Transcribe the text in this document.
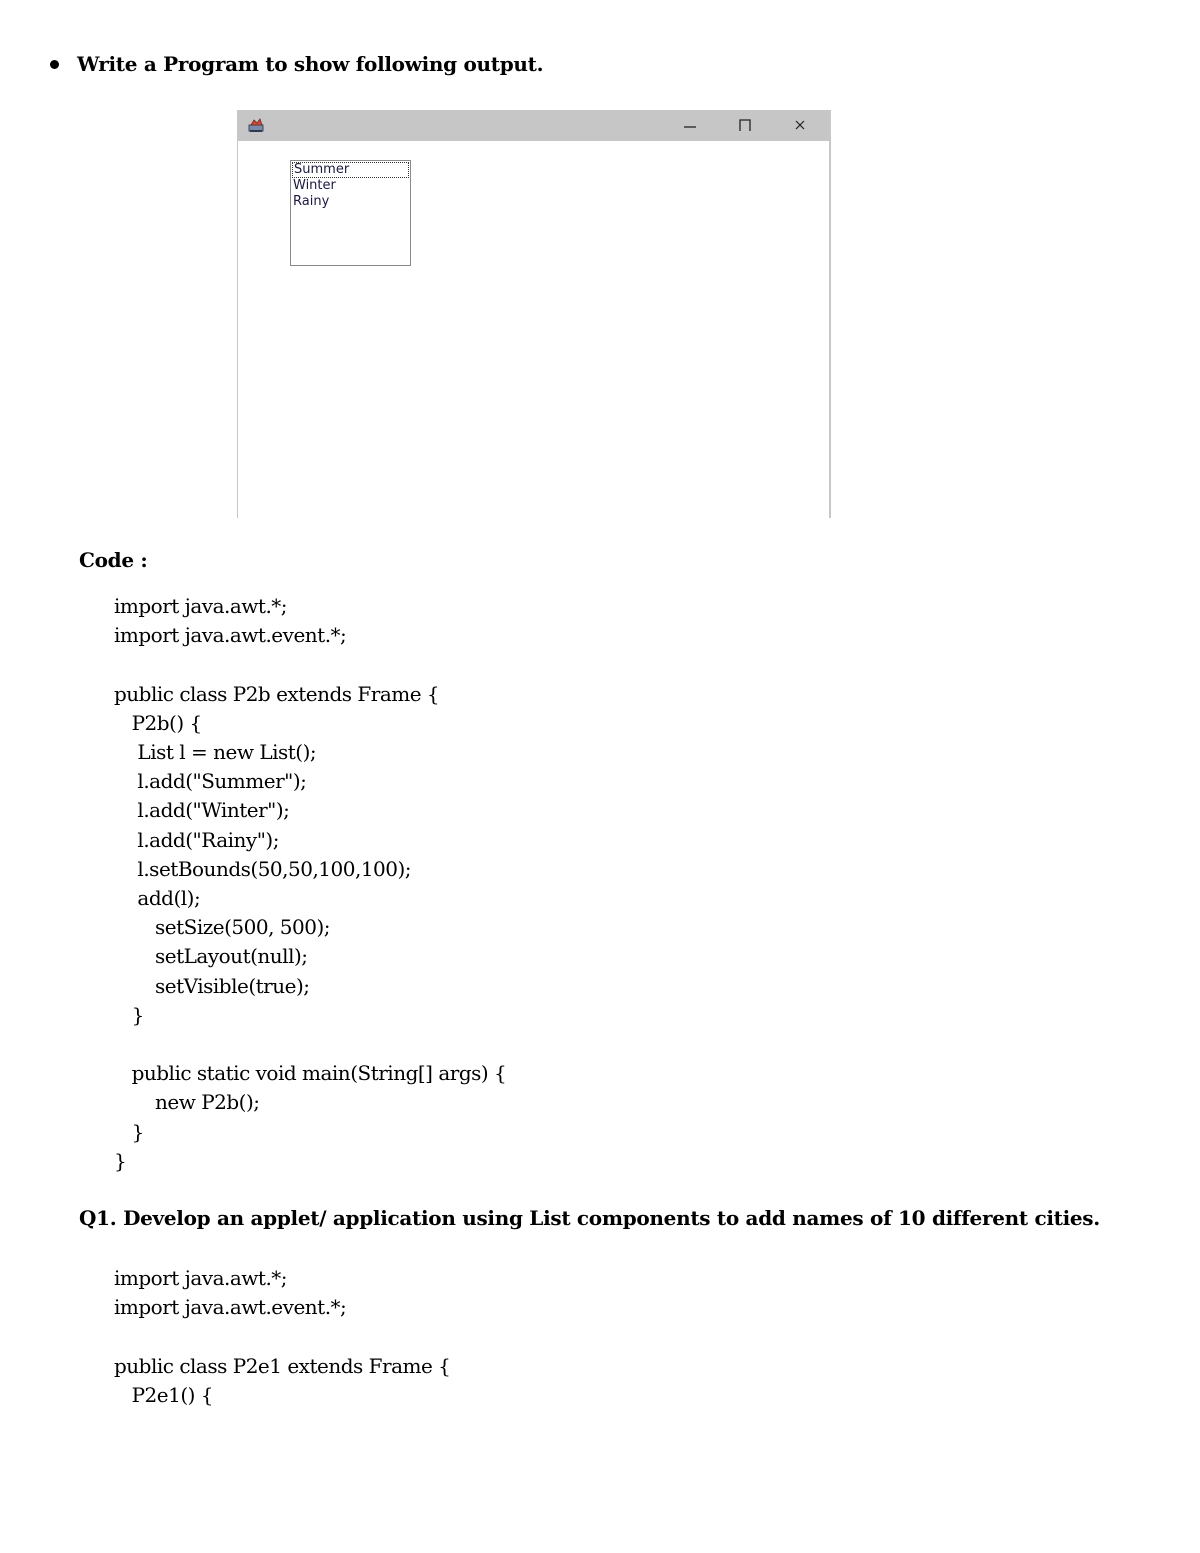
Write a Program to show following output.
Summer
Winter
Rainy
Code :
import java.awt.*;
import java.awt.event.*;

public class P2b extends Frame {
P2b() {
List l = new List();
l.add("Summer");
l.add("Winter");
l.add("Rainy");
l.setBounds(50,50,100,100);
add(l);
setSize(500, 500);
setLayout(null);
setVisible(true);
}

public static void main(String[] args) {
new P2b();
}
}
Q1. Develop an applet/ application using List components to add names of 10 different cities.
import java.awt.*;
import java.awt.event.*;

public class P2e1 extends Frame {
P2e1() {
